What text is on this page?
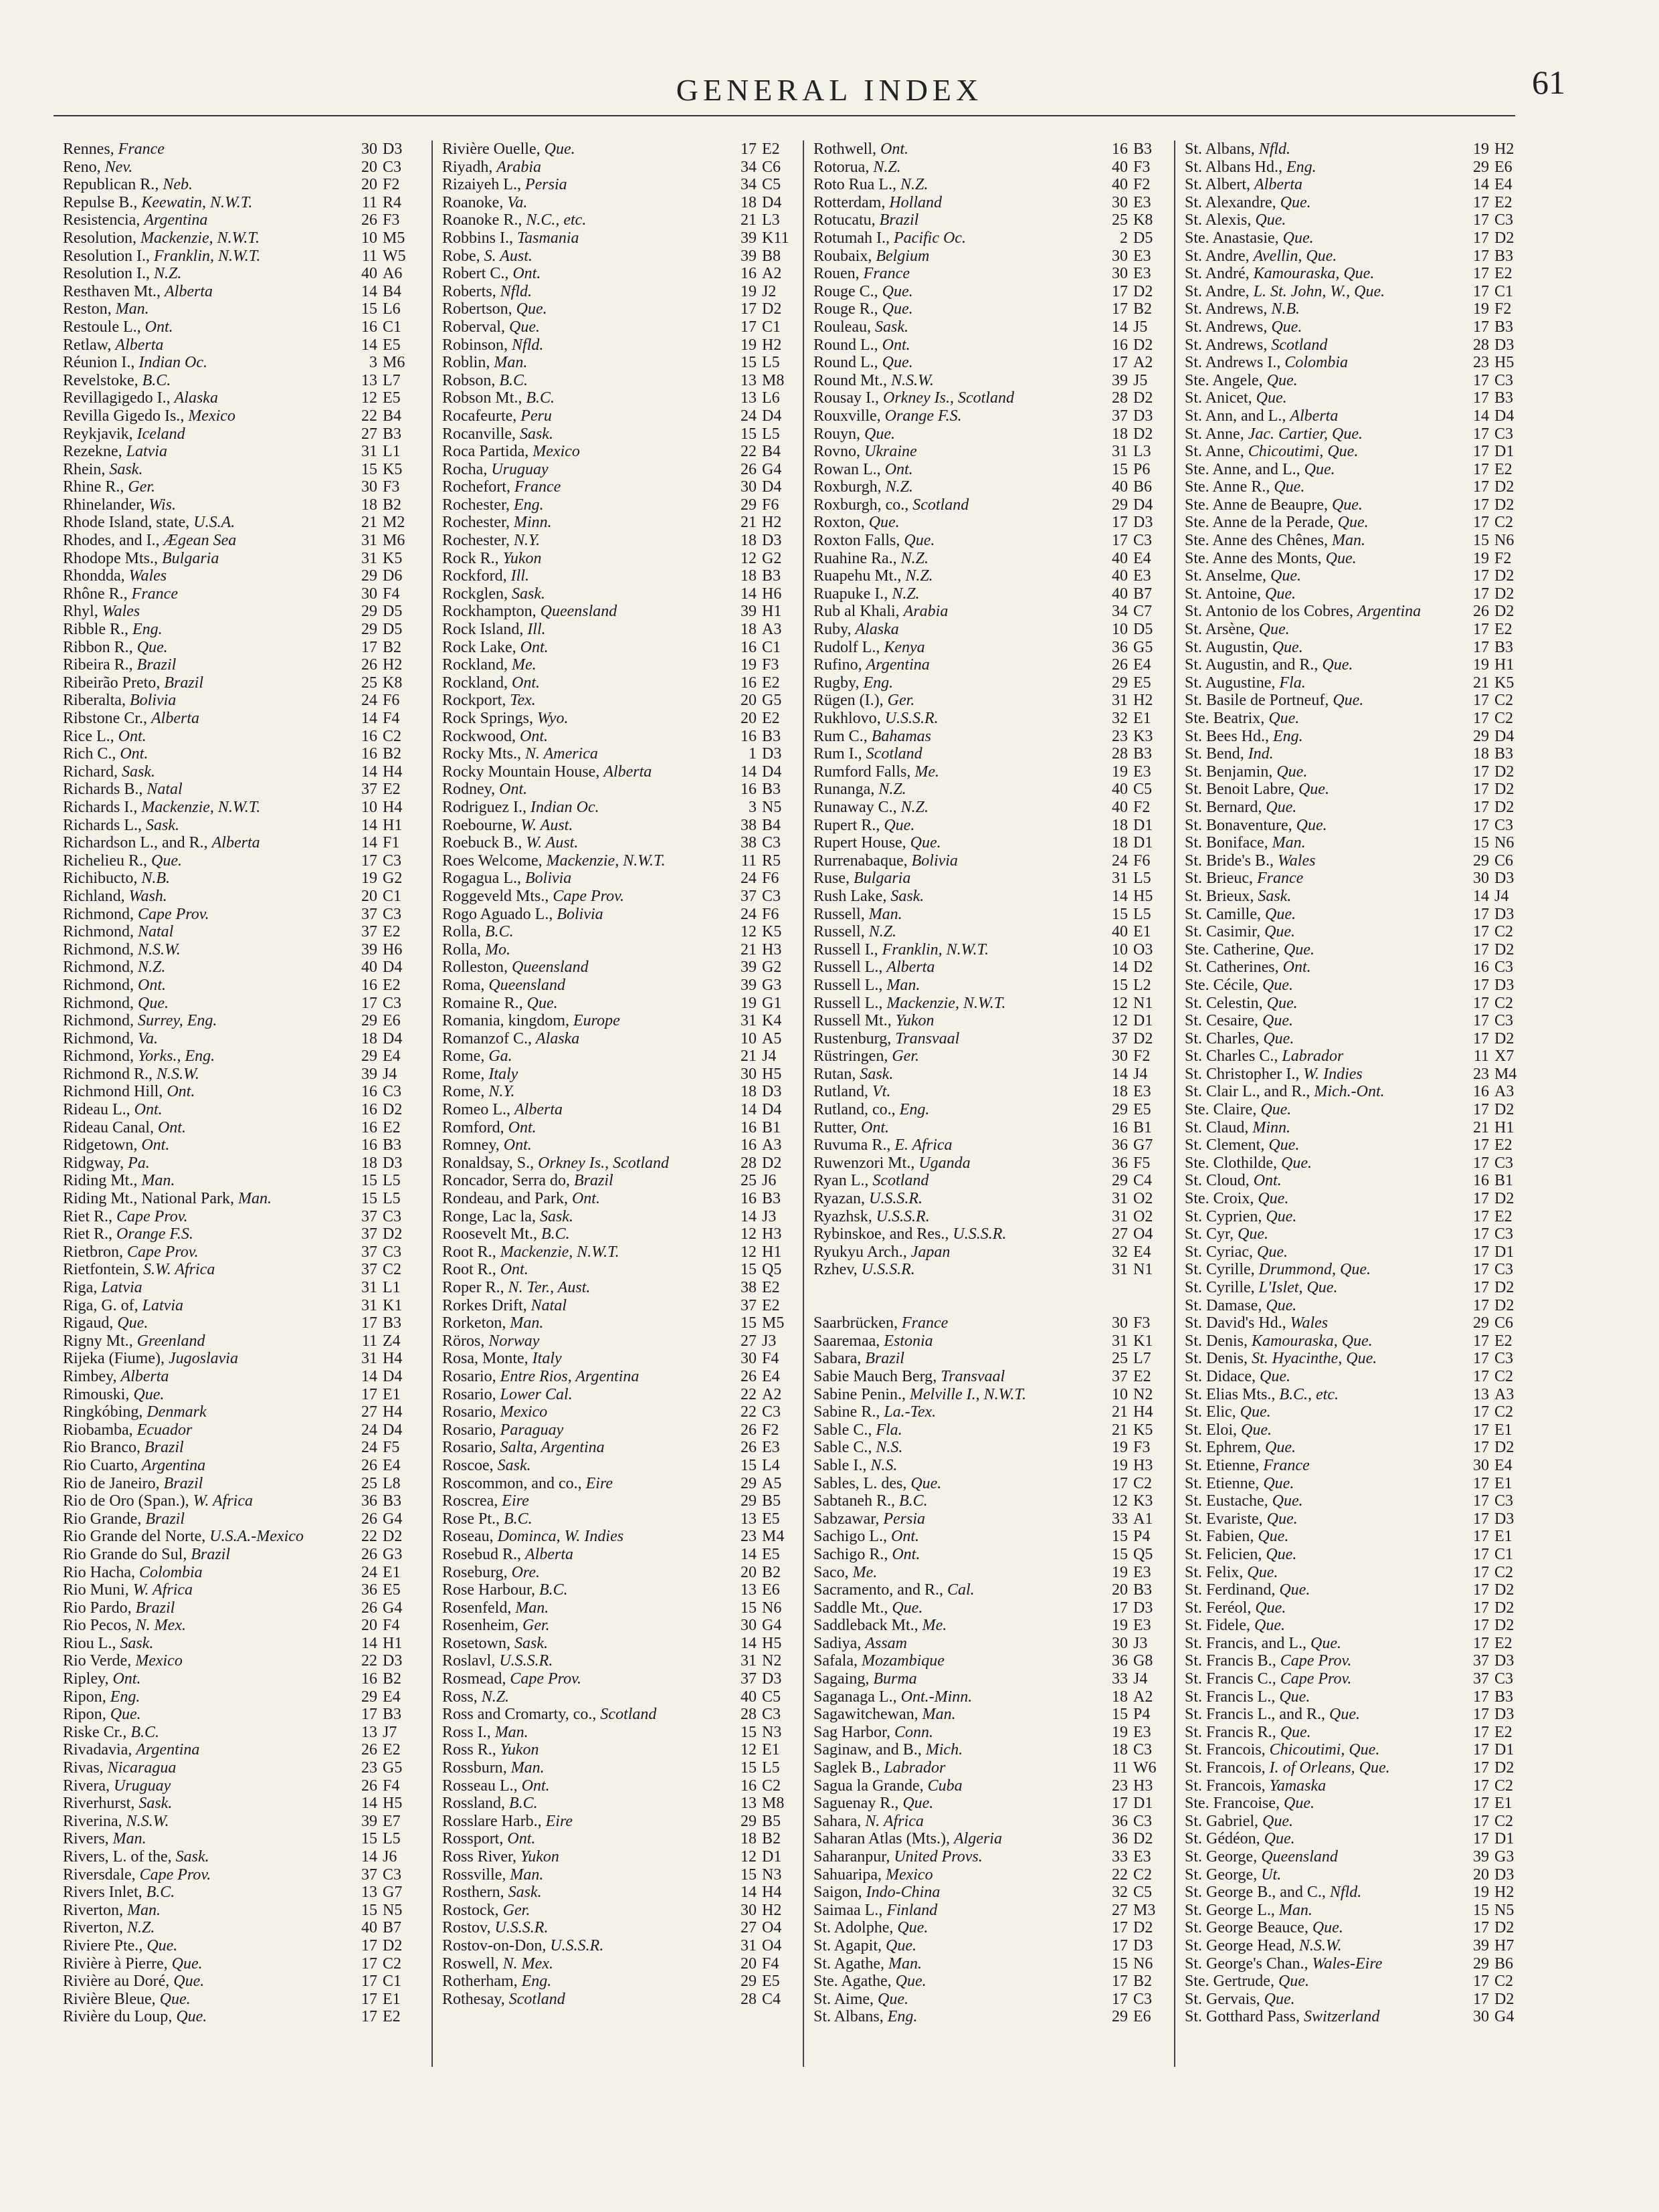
GENERAL INDEX	61
Rennes, France	30 D3
Reno, Nev.	20 C3
Republican R., Neb.	20 F2
Repulse B., Keewatin, N.W.T.	11 R4
Resistencia, Argentina	26 F3
Resolution, Mackenzie, N.W.T.	10 M5
Resolution I., Franklin, N.W.T.	11 W5
Resolution I., N.Z.	40 A6
Resthaven Mt., Alberta	14 B4
Reston, Man.	15 L6
Restoule L., Ont.	16 C1
Retlaw, Alberta	14 E5
Réunion I., Indian Oc.	3 M6
Revelstoke, B.C.	13 L7
Revillagigedo I., Alaska	12 E5
Revilla Gigedo Is., Mexico	22 B4
Reykjavik, Iceland	27 B3
Rezekne, Latvia	31 L1
Rhein, Sask.	15 K5
Rhine R., Ger.	30 F3
Rhinelander, Wis.	18 B2
Rhode Island, state, U.S.A.	21 M2
Rhodes, and I., Ægean Sea	31 M6
Rhodope Mts., Bulgaria	31 K5
Rhondda, Wales	29 D6
Rhône R., France	30 F4
Rhyl, Wales	29 D5
Ribble R., Eng.	29 D5
Ribbon R., Que.	17 B2
Ribeira R., Brazil	26 H2
Ribeirão Preto, Brazil	25 K8
Riberalta, Bolivia	24 F6
Ribstone Cr., Alberta	14 F4
Rice L., Ont.	16 C2
Rich C., Ont.	16 B2
Richard, Sask.	14 H4
Richards B., Natal	37 E2
Richards I., Mackenzie, N.W.T.	10 H4
Richards L., Sask.	14 H1
Richardson L., and R., Alberta	14 F1
Richelieu R., Que.	17 C3
Richibucto, N.B.	19 G2
Richland, Wash.	20 C1
Richmond, Cape Prov.	37 C3
Richmond, Natal	37 E2
Richmond, N.S.W.	39 H6
Richmond, N.Z.	40 D4
Richmond, Ont.	16 E2
Richmond, Que.	17 C3
Richmond, Surrey, Eng.	29 E6
Richmond, Va.	18 D4
Richmond, Yorks., Eng.	29 E4
Richmond R., N.S.W.	39 J4
Richmond Hill, Ont.	16 C3
Rideau L., Ont.	16 D2
Rideau Canal, Ont.	16 E2
Ridgetown, Ont.	16 B3
Ridgway, Pa.	18 D3
Riding Mt., Man.	15 L5
Riding Mt., National Park, Man.	15 L5
Riet R., Cape Prov.	37 C3
Riet R., Orange F.S.	37 D2
Rietbron, Cape Prov.	37 C3
Rietfontein, S.W. Africa	37 C2
Riga, Latvia	31 L1
Riga, G. of, Latvia	31 K1
Rigaud, Que.	17 B3
Rigny Mt., Greenland	11 Z4
Rijeka (Fiume), Jugoslavia	31 H4
Rimbey, Alberta	14 D4
Rimouski, Que.	17 E1
Ringkóbing, Denmark	27 H4
Riobamba, Ecuador	24 D4
Rio Branco, Brazil	24 F5
Rio Cuarto, Argentina	26 E4
Rio de Janeiro, Brazil	25 L8
Rio de Oro (Span.), W. Africa	36 B3
Rio Grande, Brazil	26 G4
Rio Grande del Norte, U.S.A.-Mexico	22 D2
Rio Grande do Sul, Brazil	26 G3
Rio Hacha, Colombia	24 E1
Rio Muni, W. Africa	36 E5
Rio Pardo, Brazil	26 G4
Rio Pecos, N. Mex.	20 F4
Riou L., Sask.	14 H1
Rio Verde, Mexico	22 D3
Ripley, Ont.	16 B2
Ripon, Eng.	29 E4
Ripon, Que.	17 B3
Riske Cr., B.C.	13 J7
Rivadavia, Argentina	26 E2
Rivas, Nicaragua	23 G5
Rivera, Uruguay	26 F4
Riverhurst, Sask.	14 H5
Riverina, N.S.W.	39 E7
Rivers, Man.	15 L5
Rivers, L. of the, Sask.	14 J6
Riversdale, Cape Prov.	37 C3
Rivers Inlet, B.C.	13 G7
Riverton, Man.	15 N5
Riverton, N.Z.	40 B7
Riviere Pte., Que.	17 D2
Rivière à Pierre, Que.	17 C2
Rivière au Doré, Que.	17 C1
Rivière Bleue, Que.	17 E1
Rivière du Loup, Que.	17 E2
Rivière Ouelle, Que.	17 E2
Riyadh, Arabia	34 C6
Rizaiyeh L., Persia	34 C5
Roanoke, Va.	18 D4
Roanoke R., N.C., etc.	21 L3
Robbins I., Tasmania	39 K11
Robe, S. Aust.	39 B8
Robert C., Ont.	16 A2
Roberts, Nfld.	19 J2
Robertson, Que.	17 D2
Roberval, Que.	17 C1
Robinson, Nfld.	19 H2
Roblin, Man.	15 L5
Robson, B.C.	13 M8
Robson Mt., B.C.	13 L6
Rocafeurte, Peru	24 D4
Rocanville, Sask.	15 L5
Roca Partida, Mexico	22 B4
Rocha, Uruguay	26 G4
Rochefort, France	30 D4
Rochester, Eng.	29 F6
Rochester, Minn.	21 H2
Rochester, N.Y.	18 D3
Rock R., Yukon	12 G2
Rockford, Ill.	18 B3
Rockglen, Sask.	14 H6
Rockhampton, Queensland	39 H1
Rock Island, Ill.	18 A3
Rock Lake, Ont.	16 C1
Rockland, Me.	19 F3
Rockland, Ont.	16 E2
Rockport, Tex.	20 G5
Rock Springs, Wyo.	20 E2
Rockwood, Ont.	16 B3
Rocky Mts., N. America	1 D3
Rocky Mountain House, Alberta	14 D4
Rodney, Ont.	16 B3
Rodriguez I., Indian Oc.	3 N5
Roebourne, W. Aust.	38 B4
Roebuck B., W. Aust.	38 C3
Roes Welcome, Mackenzie, N.W.T.	11 R5
Rogagua L., Bolivia	24 F6
Roggeveld Mts., Cape Prov.	37 C3
Rogo Aguado L., Bolivia	24 F6
Rolla, B.C.	12 K5
Rolla, Mo.	21 H3
Rolleston, Queensland	39 G2
Roma, Queensland	39 G3
Romaine R., Que.	19 G1
Romania, kingdom, Europe	31 K4
Romanzof C., Alaska	10 A5
Rome, Ga.	21 J4
Rome, Italy	30 H5
Rome, N.Y.	18 D3
Romeo L., Alberta	14 D4
Romford, Ont.	16 B1
Romney, Ont.	16 A3
Ronaldsay, S., Orkney Is., Scotland	28 D2
Roncador, Serra do, Brazil	25 J6
Rondeau, and Park, Ont.	16 B3
Ronge, Lac la, Sask.	14 J3
Roosevelt Mt., B.C.	12 H3
Root R., Mackenzie, N.W.T.	12 H1
Root R., Ont.	15 Q5
Roper R., N. Ter., Aust.	38 E2
Rorkes Drift, Natal	37 E2
Rorketon, Man.	15 M5
Röros, Norway	27 J3
Rosa, Monte, Italy	30 F4
Rosario, Entre Rios, Argentina	26 E4
Rosario, Lower Cal.	22 A2
Rosario, Mexico	22 C3
Rosario, Paraguay	26 F2
Rosario, Salta, Argentina	26 E3
Roscoe, Sask.	15 L4
Roscommon, and co., Eire	29 A5
Roscrea, Eire	29 B5
Rose Pt., B.C.	13 E5
Roseau, Dominca, W. Indies	23 M4
Rosebud R., Alberta	14 E5
Roseburg, Ore.	20 B2
Rose Harbour, B.C.	13 E6
Rosenfeld, Man.	15 N6
Rosenheim, Ger.	30 G4
Rosetown, Sask.	14 H5
Roslavl, U.S.S.R.	31 N2
Rosmead, Cape Prov.	37 D3
Ross, N.Z.	40 C5
Ross and Cromarty, co., Scotland	28 C3
Ross I., Man.	15 N3
Ross R., Yukon	12 E1
Rossburn, Man.	15 L5
Rosseau L., Ont.	16 C2
Rossland, B.C.	13 M8
Rosslare Harb., Eire	29 B5
Rossport, Ont.	18 B2
Ross River, Yukon	12 D1
Rossville, Man.	15 N3
Rosthern, Sask.	14 H4
Rostock, Ger.	30 H2
Rostov, U.S.S.R.	27 O4
Rostov-on-Don, U.S.S.R.	31 O4
Roswell, N. Mex.	20 F4
Rotherham, Eng.	29 E5
Rothesay, Scotland	28 C4
Rothwell, Ont.	16 B3
Rotorua, N.Z.	40 F3
Roto Rua L., N.Z.	40 F2
Rotterdam, Holland	30 E3
Rotucatu, Brazil	25 K8
Rotumah I., Pacific Oc.	2 D5
Roubaix, Belgium	30 E3
Rouen, France	30 E3
Rouge C., Que.	17 D2
Rouge R., Que.	17 B2
Rouleau, Sask.	14 J5
Round L., Ont.	16 D2
Round L., Que.	17 A2
Round Mt., N.S.W.	39 J5
Rousay I., Orkney Is., Scotland	28 D2
Rouxville, Orange F.S.	37 D3
Rouyn, Que.	18 D2
Rovno, Ukraine	31 L3
Rowan L., Ont.	15 P6
Roxburgh, N.Z.	40 B6
Roxburgh, co., Scotland	29 D4
Roxton, Que.	17 D3
Roxton Falls, Que.	17 C3
Ruahine Ra., N.Z.	40 E4
Ruapehu Mt., N.Z.	40 E3
Ruapuke I., N.Z.	40 B7
Rub al Khali, Arabia	34 C7
Ruby, Alaska	10 D5
Rudolf L., Kenya	36 G5
Rufino, Argentina	26 E4
Rugby, Eng.	29 E5
Rügen (I.), Ger.	31 H2
Rukhlovo, U.S.S.R.	32 E1
Rum C., Bahamas	23 K3
Rum I., Scotland	28 B3
Rumford Falls, Me.	19 E3
Runanga, N.Z.	40 C5
Runaway C., N.Z.	40 F2
Rupert R., Que.	18 D1
Rupert House, Que.	18 D1
Rurrenabaque, Bolivia	24 F6
Ruse, Bulgaria	31 L5
Rush Lake, Sask.	14 H5
Russell, Man.	15 L5
Russell, N.Z.	40 E1
Russell I., Franklin, N.W.T.	10 O3
Russell L., Alberta	14 D2
Russell L., Man.	15 L2
Russell L., Mackenzie, N.W.T.	12 N1
Russell Mt., Yukon	12 D1
Rustenburg, Transvaal	37 D2
Rüstringen, Ger.	30 F2
Rutan, Sask.	14 J4
Rutland, Vt.	18 E3
Rutland, co., Eng.	29 E5
Rutter, Ont.	16 B1
Ruvuma R., E. Africa	36 G7
Ruwenzori Mt., Uganda	36 F5
Ryan L., Scotland	29 C4
Ryazan, U.S.S.R.	31 O2
Ryazhsk, U.S.S.R.	31 O2
Rybinskoe, and Res., U.S.S.R.	27 O4
Ryukyu Arch., Japan	32 E4
Rzhev, U.S.S.R.	31 N1
Saarbrücken, France	30 F3
Saaremaa, Estonia	31 K1
Sabara, Brazil	25 L7
Sabie Mauch Berg, Transvaal	37 E2
Sabine Penin., Melville I., N.W.T.	10 N2
Sabine R., La.-Tex.	21 H4
Sable C., Fla.	21 K5
Sable C., N.S.	19 F3
Sable I., N.S.	19 H3
Sables, L. des, Que.	17 C2
Sabtaneh R., B.C.	12 K3
Sabzawar, Persia	33 A1
Sachigo L., Ont.	15 P4
Sachigo R., Ont.	15 Q5
Saco, Me.	19 E3
Sacramento, and R., Cal.	20 B3
Saddle Mt., Que.	17 D3
Saddleback Mt., Me.	19 E3
Sadiya, Assam	30 J3
Safala, Mozambique	36 G8
Sagaing, Burma	33 J4
Saganaga L., Ont.-Minn.	18 A2
Sagawitchewan, Man.	15 P4
Sag Harbor, Conn.	19 E3
Saginaw, and B., Mich.	18 C3
Saglek B., Labrador	11 W6
Sagua la Grande, Cuba	23 H3
Saguenay R., Que.	17 D1
Sahara, N. Africa	36 C3
Saharan Atlas (Mts.), Algeria	36 D2
Saharanpur, United Provs.	33 E3
Sahuaripa, Mexico	22 C2
Saigon, Indo-China	32 C5
Saimaa L., Finland	27 M3
St. Adolphe, Que.	17 D2
St. Agapit, Que.	17 D3
St. Agathe, Man.	15 N6
Ste. Agathe, Que.	17 B2
St. Aime, Que.	17 C3
St. Albans, Eng.	29 E6
St. Albans, Nfld.	19 H2
St. Albans Hd., Eng.	29 E6
St. Albert, Alberta	14 E4
St. Alexandre, Que.	17 E2
St. Alexis, Que.	17 C3
Ste. Anastasie, Que.	17 D2
St. Andre, Avellin, Que.	17 B3
St. André, Kamouraska, Que.	17 E2
St. Andre, L. St. John, W., Que.	17 C1
St. Andrews, N.B.	19 F2
St. Andrews, Que.	17 B3
St. Andrews, Scotland	28 D3
St. Andrews I., Colombia	23 H5
Ste. Angele, Que.	17 C3
St. Anicet, Que.	17 B3
St. Ann, and L., Alberta	14 D4
St. Anne, Jac. Cartier, Que.	17 C3
St. Anne, Chicoutimi, Que.	17 D1
Ste. Anne, and L., Que.	17 E2
Ste. Anne R., Que.	17 D2
Ste. Anne de Beaupre, Que.	17 D2
Ste. Anne de la Perade, Que.	17 C2
Ste. Anne des Chênes, Man.	15 N6
Ste. Anne des Monts, Que.	19 F2
St. Anselme, Que.	17 D2
St. Antoine, Que.	17 D2
St. Antonio de los Cobres, Argentina	26 D2
St. Arsène, Que.	17 E2
St. Augustin, Que.	17 B3
St. Augustin, and R., Que.	19 H1
St. Augustine, Fla.	21 K5
St. Basile de Portneuf, Que.	17 C2
Ste. Beatrix, Que.	17 C2
St. Bees Hd., Eng.	29 D4
St. Bend, Ind.	18 B3
St. Benjamin, Que.	17 D2
St. Benoit Labre, Que.	17 D2
St. Bernard, Que.	17 D2
St. Bonaventure, Que.	17 C3
St. Boniface, Man.	15 N6
St. Bride's B., Wales	29 C6
St. Brieuc, France	30 D3
St. Brieux, Sask.	14 J4
St. Camille, Que.	17 D3
St. Casimir, Que.	17 C2
Ste. Catherine, Que.	17 D2
St. Catherines, Ont.	16 C3
Ste. Cécile, Que.	17 D3
St. Celestin, Que.	17 C2
St. Cesaire, Que.	17 C3
St. Charles, Que.	17 D2
St. Charles C., Labrador	11 X7
St. Christopher I., W. Indies	23 M4
St. Clair L., and R., Mich.-Ont.	16 A3
Ste. Claire, Que.	17 D2
St. Claud, Minn.	21 H1
St. Clement, Que.	17 E2
Ste. Clothilde, Que.	17 C3
St. Cloud, Ont.	16 B1
Ste. Croix, Que.	17 D2
St. Cyprien, Que.	17 E2
St. Cyr, Que.	17 C3
St. Cyriac, Que.	17 D1
St. Cyrille, Drummond, Que.	17 C3
St. Cyrille, L'Islet, Que.	17 D2
St. Damase, Que.	17 D2
St. David's Hd., Wales	29 C6
St. Denis, Kamouraska, Que.	17 E2
St. Denis, St. Hyacinthe, Que.	17 C3
St. Didace, Que.	17 C2
St. Elias Mts., B.C., etc.	13 A3
St. Elic, Que.	17 C2
St. Eloi, Que.	17 E1
St. Ephrem, Que.	17 D2
St. Etienne, France	30 E4
St. Etienne, Que.	17 E1
St. Eustache, Que.	17 C3
St. Evariste, Que.	17 D3
St. Fabien, Que.	17 E1
St. Felicien, Que.	17 C1
St. Felix, Que.	17 C2
St. Ferdinand, Que.	17 D2
St. Feréol, Que.	17 D2
St. Fidele, Que.	17 D2
St. Francis, and L., Que.	17 E2
St. Francis B., Cape Prov.	37 D3
St. Francis C., Cape Prov.	37 C3
St. Francis L., Que.	17 B3
St. Francis L., and R., Que.	17 D3
St. Francis R., Que.	17 E2
St. Francois, Chicoutimi, Que.	17 D1
St. Francois, I. of Orleans, Que.	17 D2
St. Francois, Yamaska	17 C2
Ste. Francoise, Que.	17 E1
St. Gabriel, Que.	17 C2
St. Gédéon, Que.	17 D1
St. George, Queensland	39 G3
St. George, Ut.	20 D3
St. George B., and C., Nfld.	19 H2
St. George L., Man.	15 N5
St. George Beauce, Que.	17 D2
St. George Head, N.S.W.	39 H7
St. George's Chan., Wales-Eire	29 B6
Ste. Gertrude, Que.	17 C2
St. Gervais, Que.	17 D2
St. Gotthard Pass, Switzerland	30 G4
